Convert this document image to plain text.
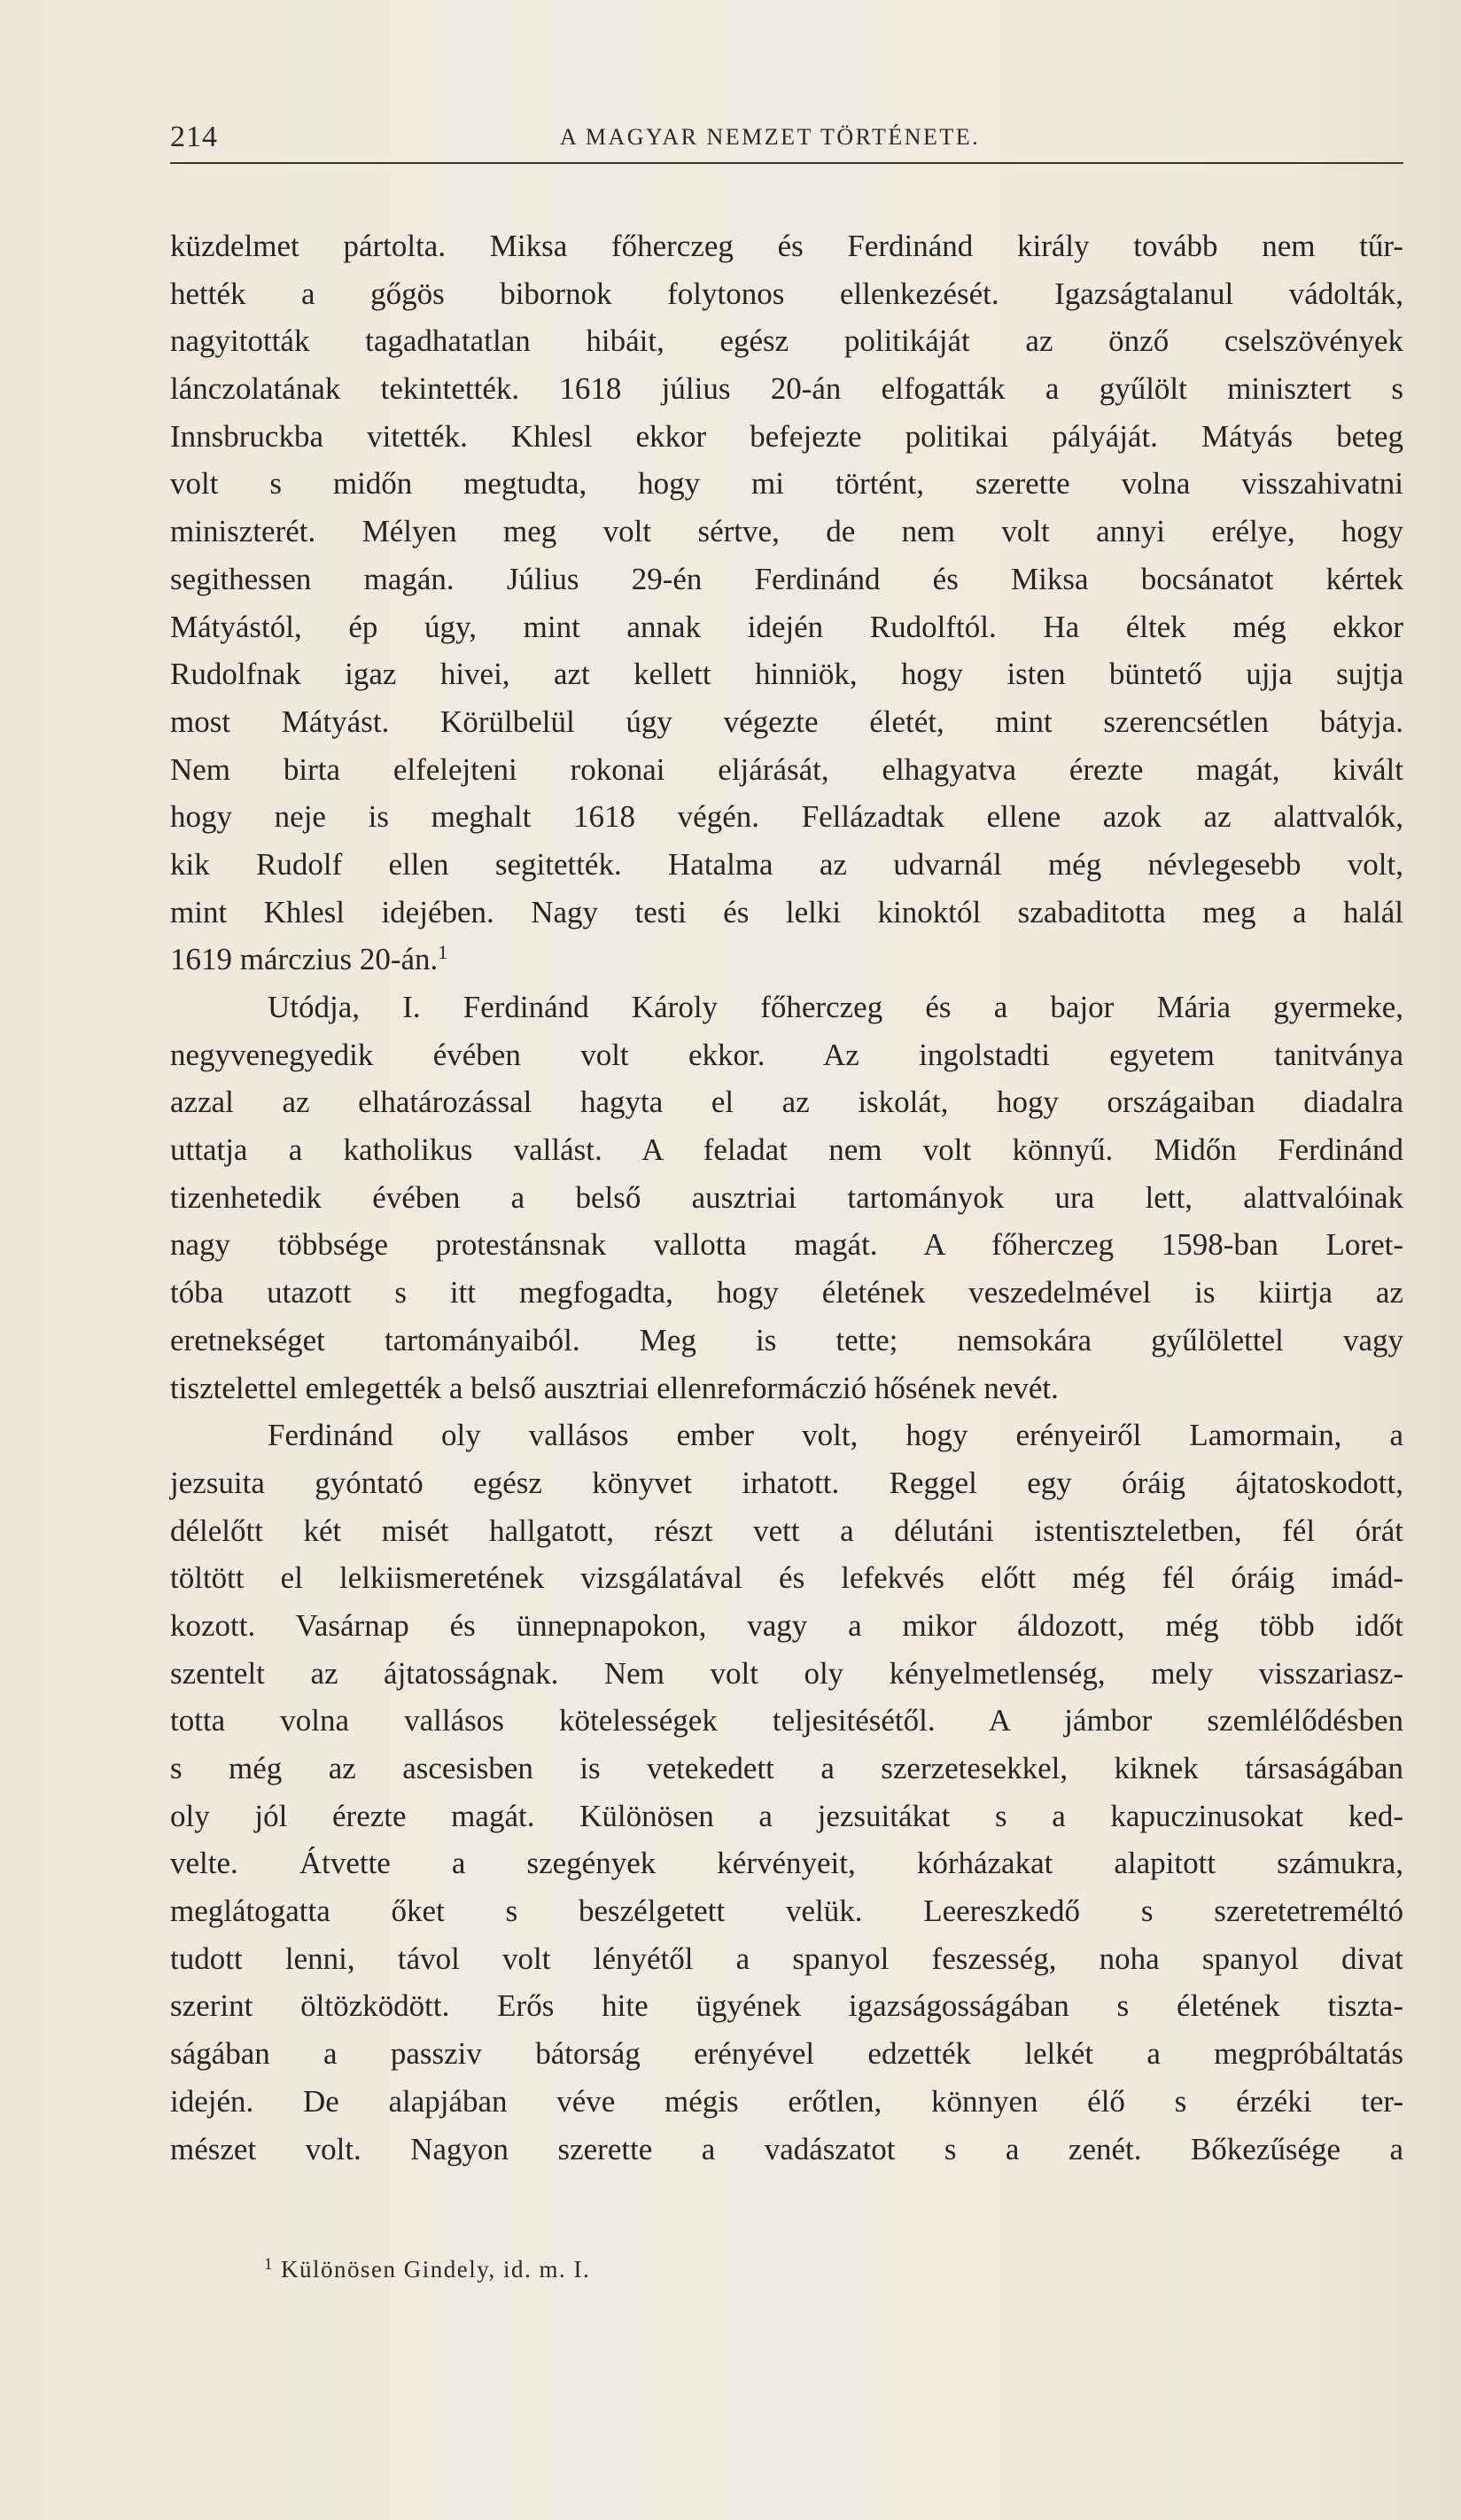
214	A MAGYAR NEMZET TÖRTÉNETE.

küzdelmet pártolta. Miksa főherczeg és Ferdinánd király tovább nem tűr-
hették a gőgös bibornok folytonos ellenkezését. Igazságtalanul vádolták,
nagyitották tagadhatatlan hibáit, egész politikáját az önző cselszövények
lánczolatának tekintették. 1618 július 20-án elfogatták a gyűlölt minisztert s
Innsbruckba vitették. Khlesl ekkor befejezte politikai pályáját. Mátyás beteg
volt s midőn megtudta, hogy mi történt, szerette volna visszahivatni
miniszterét. Mélyen meg volt sértve, de nem volt annyi erélye, hogy
segithessen magán. Július 29-én Ferdinánd és Miksa bocsánatot kértek
Mátyástól, ép úgy, mint annak idején Rudolftól. Ha éltek még ekkor
Rudolfnak igaz hivei, azt kellett hinniök, hogy isten büntető ujja sujtja
most Mátyást. Körülbelül úgy végezte életét, mint szerencsétlen bátyja.
Nem birta elfelejteni rokonai eljárását, elhagyatva érezte magát, kivált
hogy neje is meghalt 1618 végén. Fellázadtak ellene azok az alattvalók,
kik Rudolf ellen segitették. Hatalma az udvarnál még névlegesebb volt,
mint Khlesl idejében. Nagy testi és lelki kinoktól szabaditotta meg a halál
1619 márczius 20-án.$^1$

Utódja, I. Ferdinánd Károly főherczeg és a bajor Mária gyermeke,
negyvenegyedik évében volt ekkor. Az ingolstadti egyetem tanitványa
azzal az elhatározással hagyta el az iskolát, hogy országaiban diadalra
uttatja a katholikus vallást. A feladat nem volt könnyű. Midőn Ferdinánd
tizenhetedik évében a belső ausztriai tartományok ura lett, alattvalóinak
nagy többsége protestánsnak vallotta magát. A főherczeg 1598-ban Loret-
tóba utazott s itt megfogadta, hogy életének veszedelmével is kiirtja az
eretnekséget tartományaiból. Meg is tette; nemsokára gyűlölettel vagy
tisztelettel emlegették a belső ausztriai ellenreformáczió hősének nevét.

Ferdinánd oly vallásos ember volt, hogy erényeiről Lamormain, a
jezsuita gyóntató egész könyvet irhatott. Reggel egy óráig ájtatoskodott,
délelőtt két misét hallgatott, részt vett a délutáni istentiszteletben, fél órát
töltött el lelkiismeretének vizsgálatával és lefekvés előtt még fél óráig imád-
kozott. Vasárnap és ünnepnapokon, vagy a mikor áldozott, még több időt
szentelt az ájtatosságnak. Nem volt oly kényelmetlenség, mely visszariasz-
totta volna vallásos kötelességek teljesitésétől. A jámbor szemlélődésben
s még az ascesisben is vetekedett a szerzetesekkel, kiknek társaságában
oly jól érezte magát. Különösen a jezsuitákat s a kapuczinusokat ked-
velte. Átvette a szegények kérvényeit, kórházakat alapitott számukra,
meglátogatta őket s beszélgetett velük. Leereszkedő s szeretetreméltó
tudott lenni, távol volt lényétől a spanyol feszesség, noha spanyol divat
szerint öltözködött. Erős hite ügyének igazságosságában s életének tiszta-
ságában a passziv bátorság erényével edzették lelkét a megpróbáltatás
idején. De alapjában véve mégis erőtlen, könnyen élő s érzéki ter-
mészet volt. Nagyon szerette a vadászatot s a zenét. Bőkezűsége a

$^1$ Különösen Gindely, id. m. I.
